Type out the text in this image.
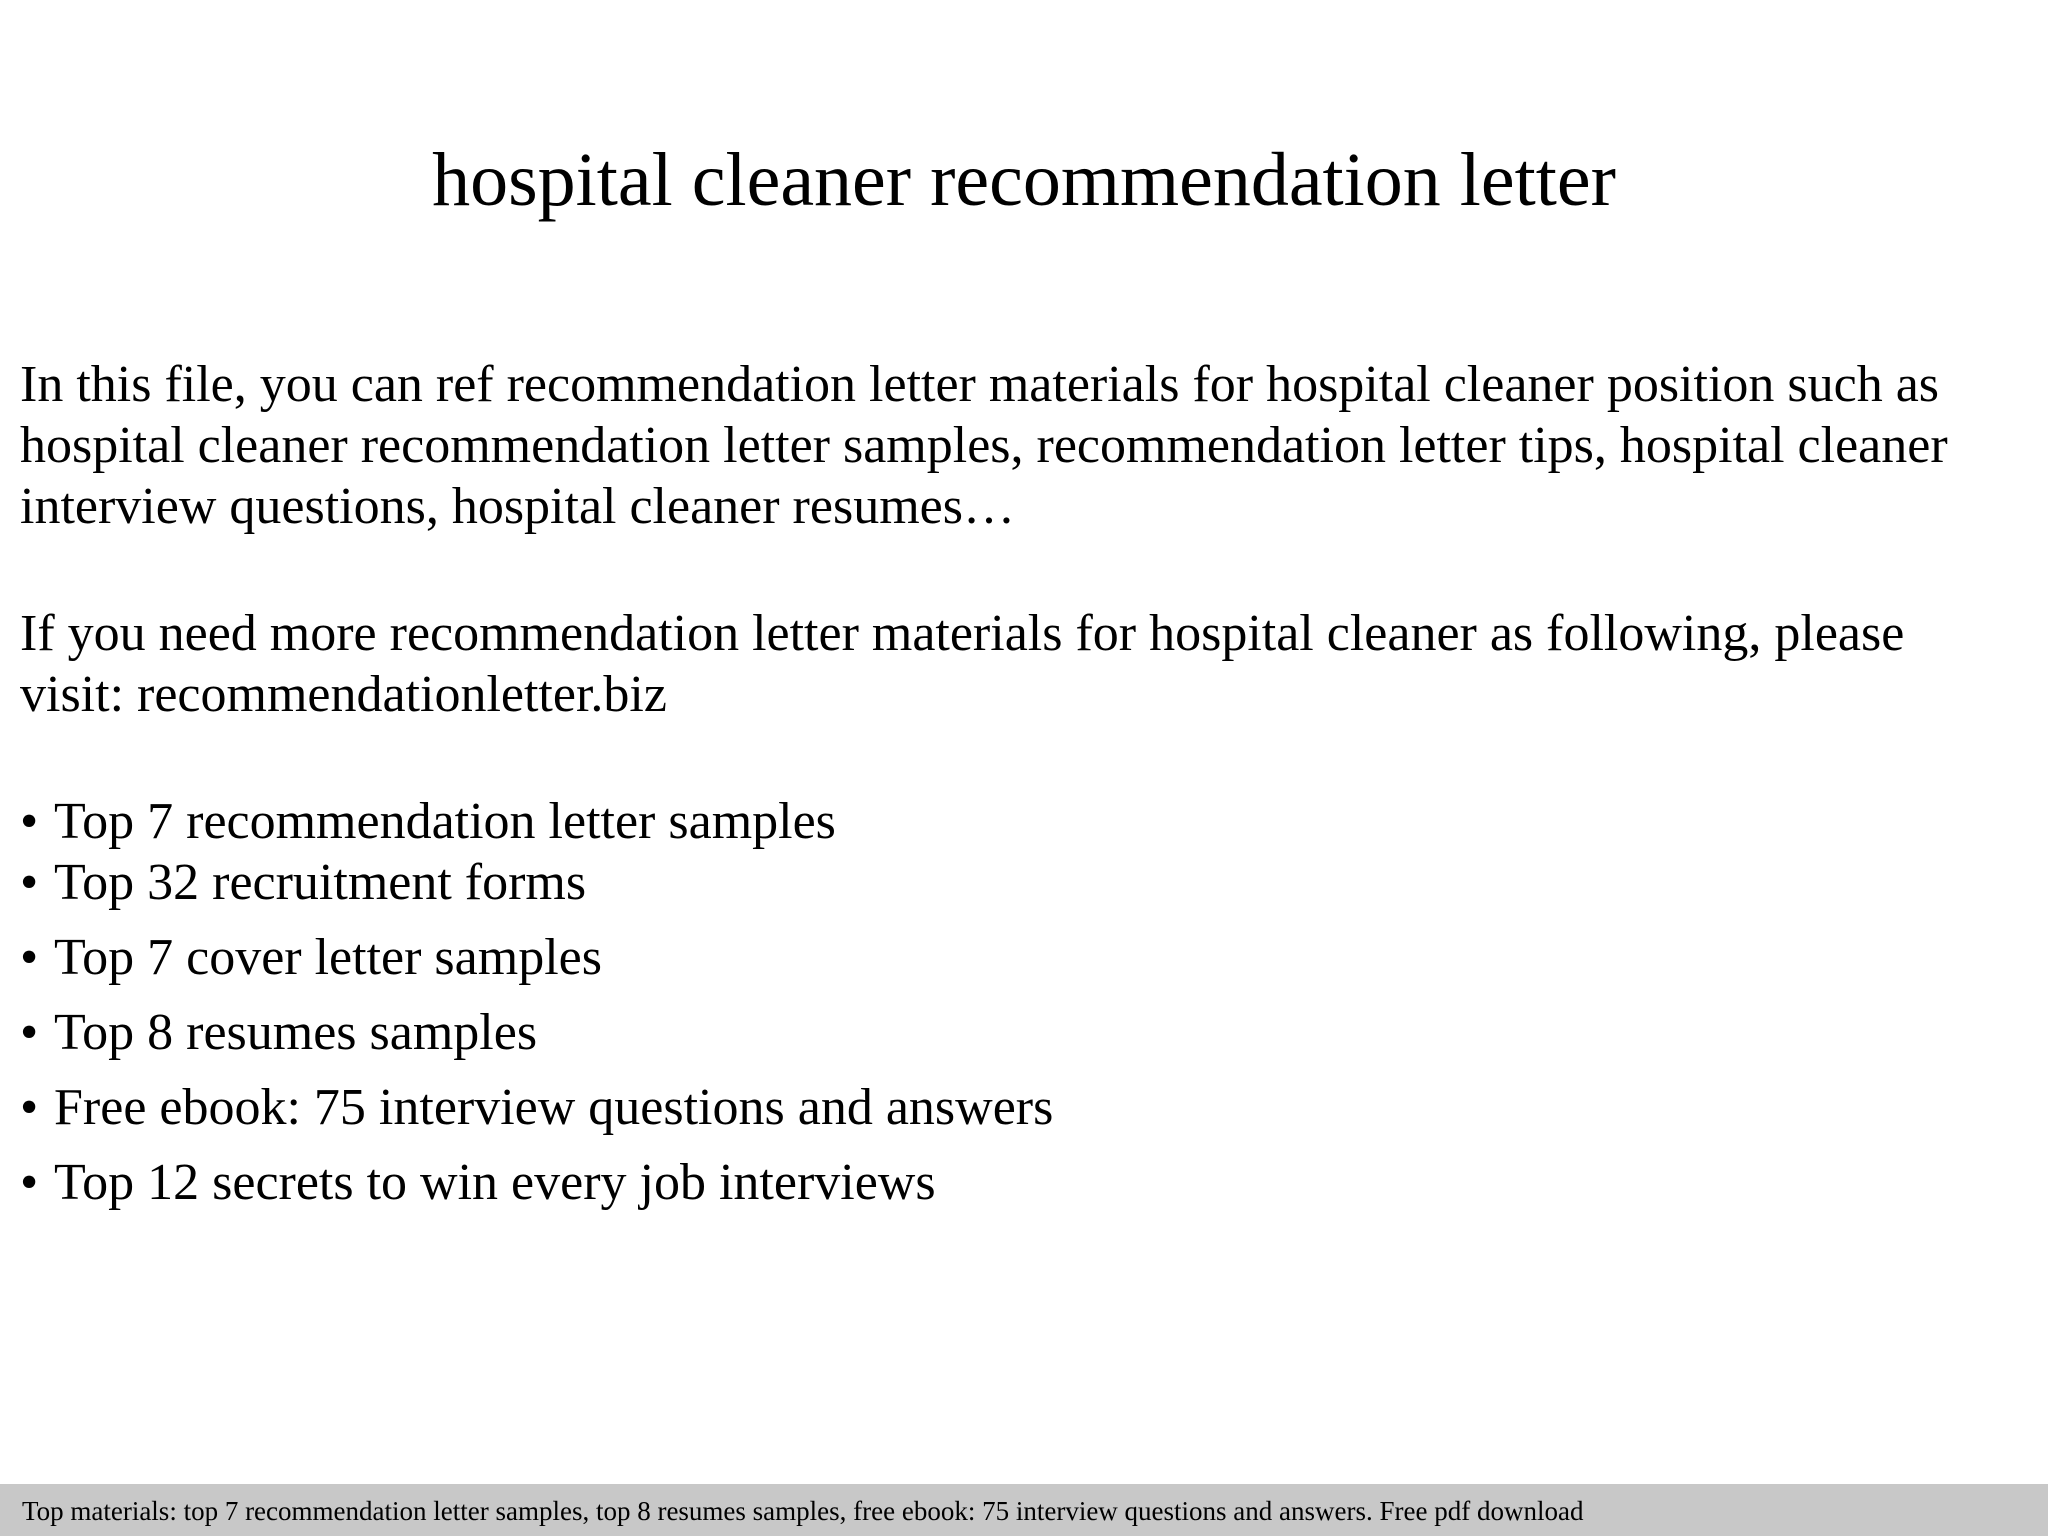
hospital cleaner recommendation letter

In this file, you can ref recommendation letter materials for hospital cleaner position such as hospital cleaner recommendation letter samples, recommendation letter tips, hospital cleaner interview questions, hospital cleaner resumes…

If you need more recommendation letter materials for hospital cleaner as following, please visit: recommendationletter.biz

• Top 7 recommendation letter samples
• Top 32 recruitment forms
• Top 7 cover letter samples
• Top 8 resumes samples
• Free ebook: 75 interview questions and answers
• Top 12 secrets to win every job interviews
Top materials: top 7 recommendation letter samples, top 8 resumes samples, free ebook: 75 interview questions and answers. Free pdf download
